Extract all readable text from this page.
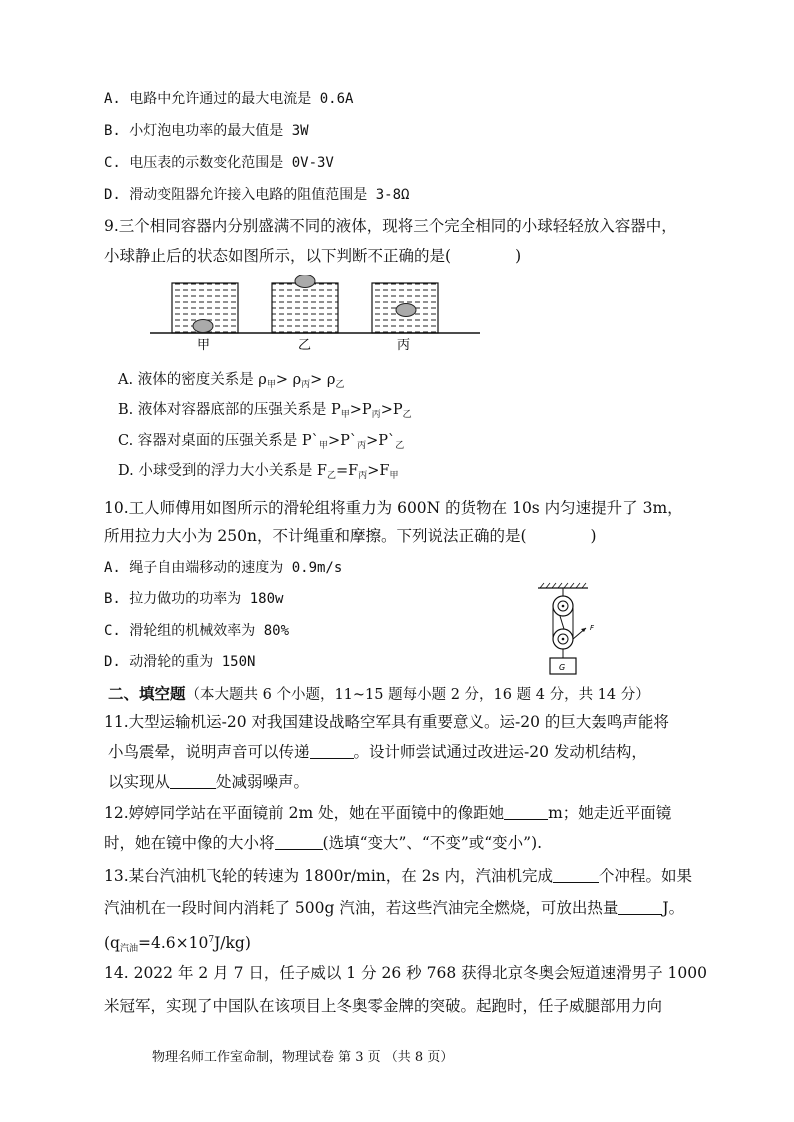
A. 电路中允许通过的最大电流是 0.6A
B. 小灯泡电功率的最大值是 3W
C. 电压表的示数变化范围是 0V-3V
D. 滑动变阻器允许接入电路的阻值范围是 3-8Ω
9.三个相同容器内分别盛满不同的液体，现将三个完全相同的小球轻轻放入容器中，
小球静止后的状态如图所示，以下判断不正确的是(	)
甲	乙	丙
A. 液体的密度关系是 $\rho_甲> \rho_丙> \rho_乙$
B. 液体对容器底部的压强关系是 $P_甲>P_丙>P_乙$
C. 容器对桌面的压强关系是 $P`_甲>P`_丙>P`_乙$
D. 小球受到的浮力大小关系是 $F_乙=F_丙>F_甲$
10.工人师傅用如图所示的滑轮组将重力为 600N 的货物在 10s 内匀速提升了 3m，
所用拉力大小为 250n，不计绳重和摩擦。下列说法正确的是(	)
A. 绳子自由端移动的速度为 0.9m/s
B. 拉力做功的功率为 180w
C. 滑轮组的机械效率为 80%
D. 动滑轮的重为 150N
F
G
二、填空题（本大题共 6 个小题，11~15 题每小题 2 分，16 题 4 分，共 14 分）
11.大型运输机运-20 对我国建设战略空军具有重要意义。运-20 的巨大轰鸣声能将
小鸟震晕，说明声音可以传递	。设计师尝试通过改进运-20 发动机结构，
以实现从	处减弱噪声。
12.婷婷同学站在平面镜前 2m 处，她在平面镜中的像距她	m；她走近平面镜
时，她在镜中像的大小将	(选填“变大”、“不变”或“变小”).
13.某台汽油机飞轮的转速为 1800r/min，在 2s 内，汽油机完成	个冲程。如果
汽油机在一段时间内消耗了 500g 汽油，若这些汽油完全燃烧，可放出热量	J。
$(q_{汽油}=4.6\times 10^7J/kg)$
14. 2022 年 2 月 7 日，任子威以 1 分 26 秒 768 获得北京冬奥会短道速滑男子 1000
米冠军，实现了中国队在该项目上冬奥零金牌的突破。起跑时，任子威腿部用力向
物理名师工作室命制，物理试卷 第 3 页 （共 8 页）
